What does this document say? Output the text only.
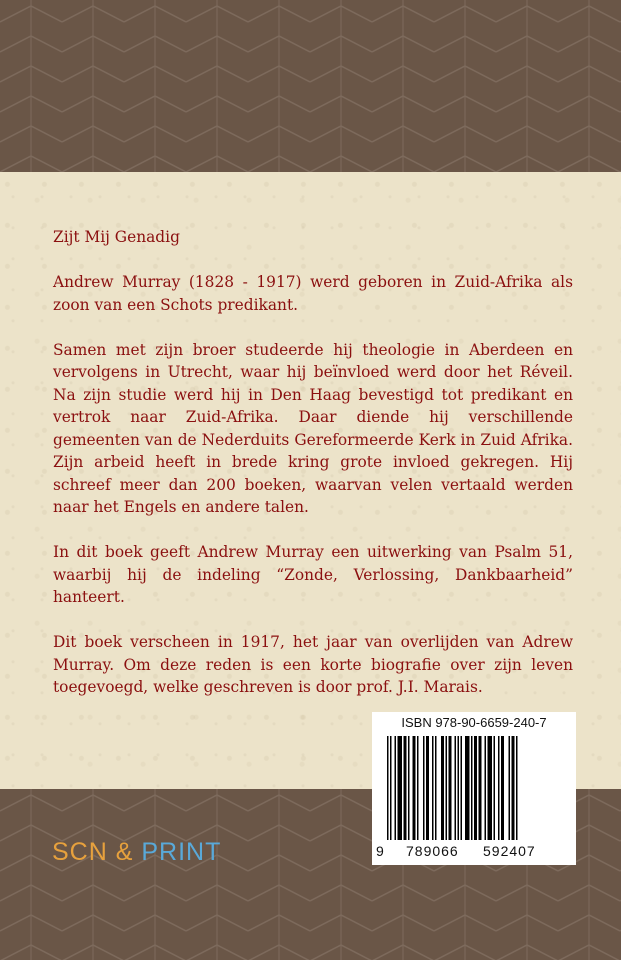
Zijt Mij Genadig

Andrew Murray (1828 - 1917) werd geboren in Zuid-Afrika als zoon van een Schots predikant.

Samen met zijn broer studeerde hij theologie in Aberdeen en vervolgens in Utrecht, waar hij beïnvloed werd door het Réveil. Na zijn studie werd hij in Den Haag bevestigd tot predikant en vertrok naar Zuid-Afrika. Daar diende hij verschillende gemeenten van de Nederduits Gereformeerde Kerk in Zuid Afrika. Zijn arbeid heeft in brede kring grote invloed gekregen. Hij schreef meer dan 200 boeken, waarvan velen vertaald werden naar het Engels en andere talen.

In dit boek geeft Andrew Murray een uitwerking van Psalm 51, waarbij hij de indeling “Zonde, Verlossing, Dankbaarheid” hanteert.

Dit boek verscheen in 1917, het jaar van overlijden van Adrew Murray. Om deze reden is een korte biografie over zijn leven toegevoegd, welke geschreven is door prof. J.I. Marais.

ISBN 978-90-6659-240-7
9 789066 592407
SCN & PRINT
